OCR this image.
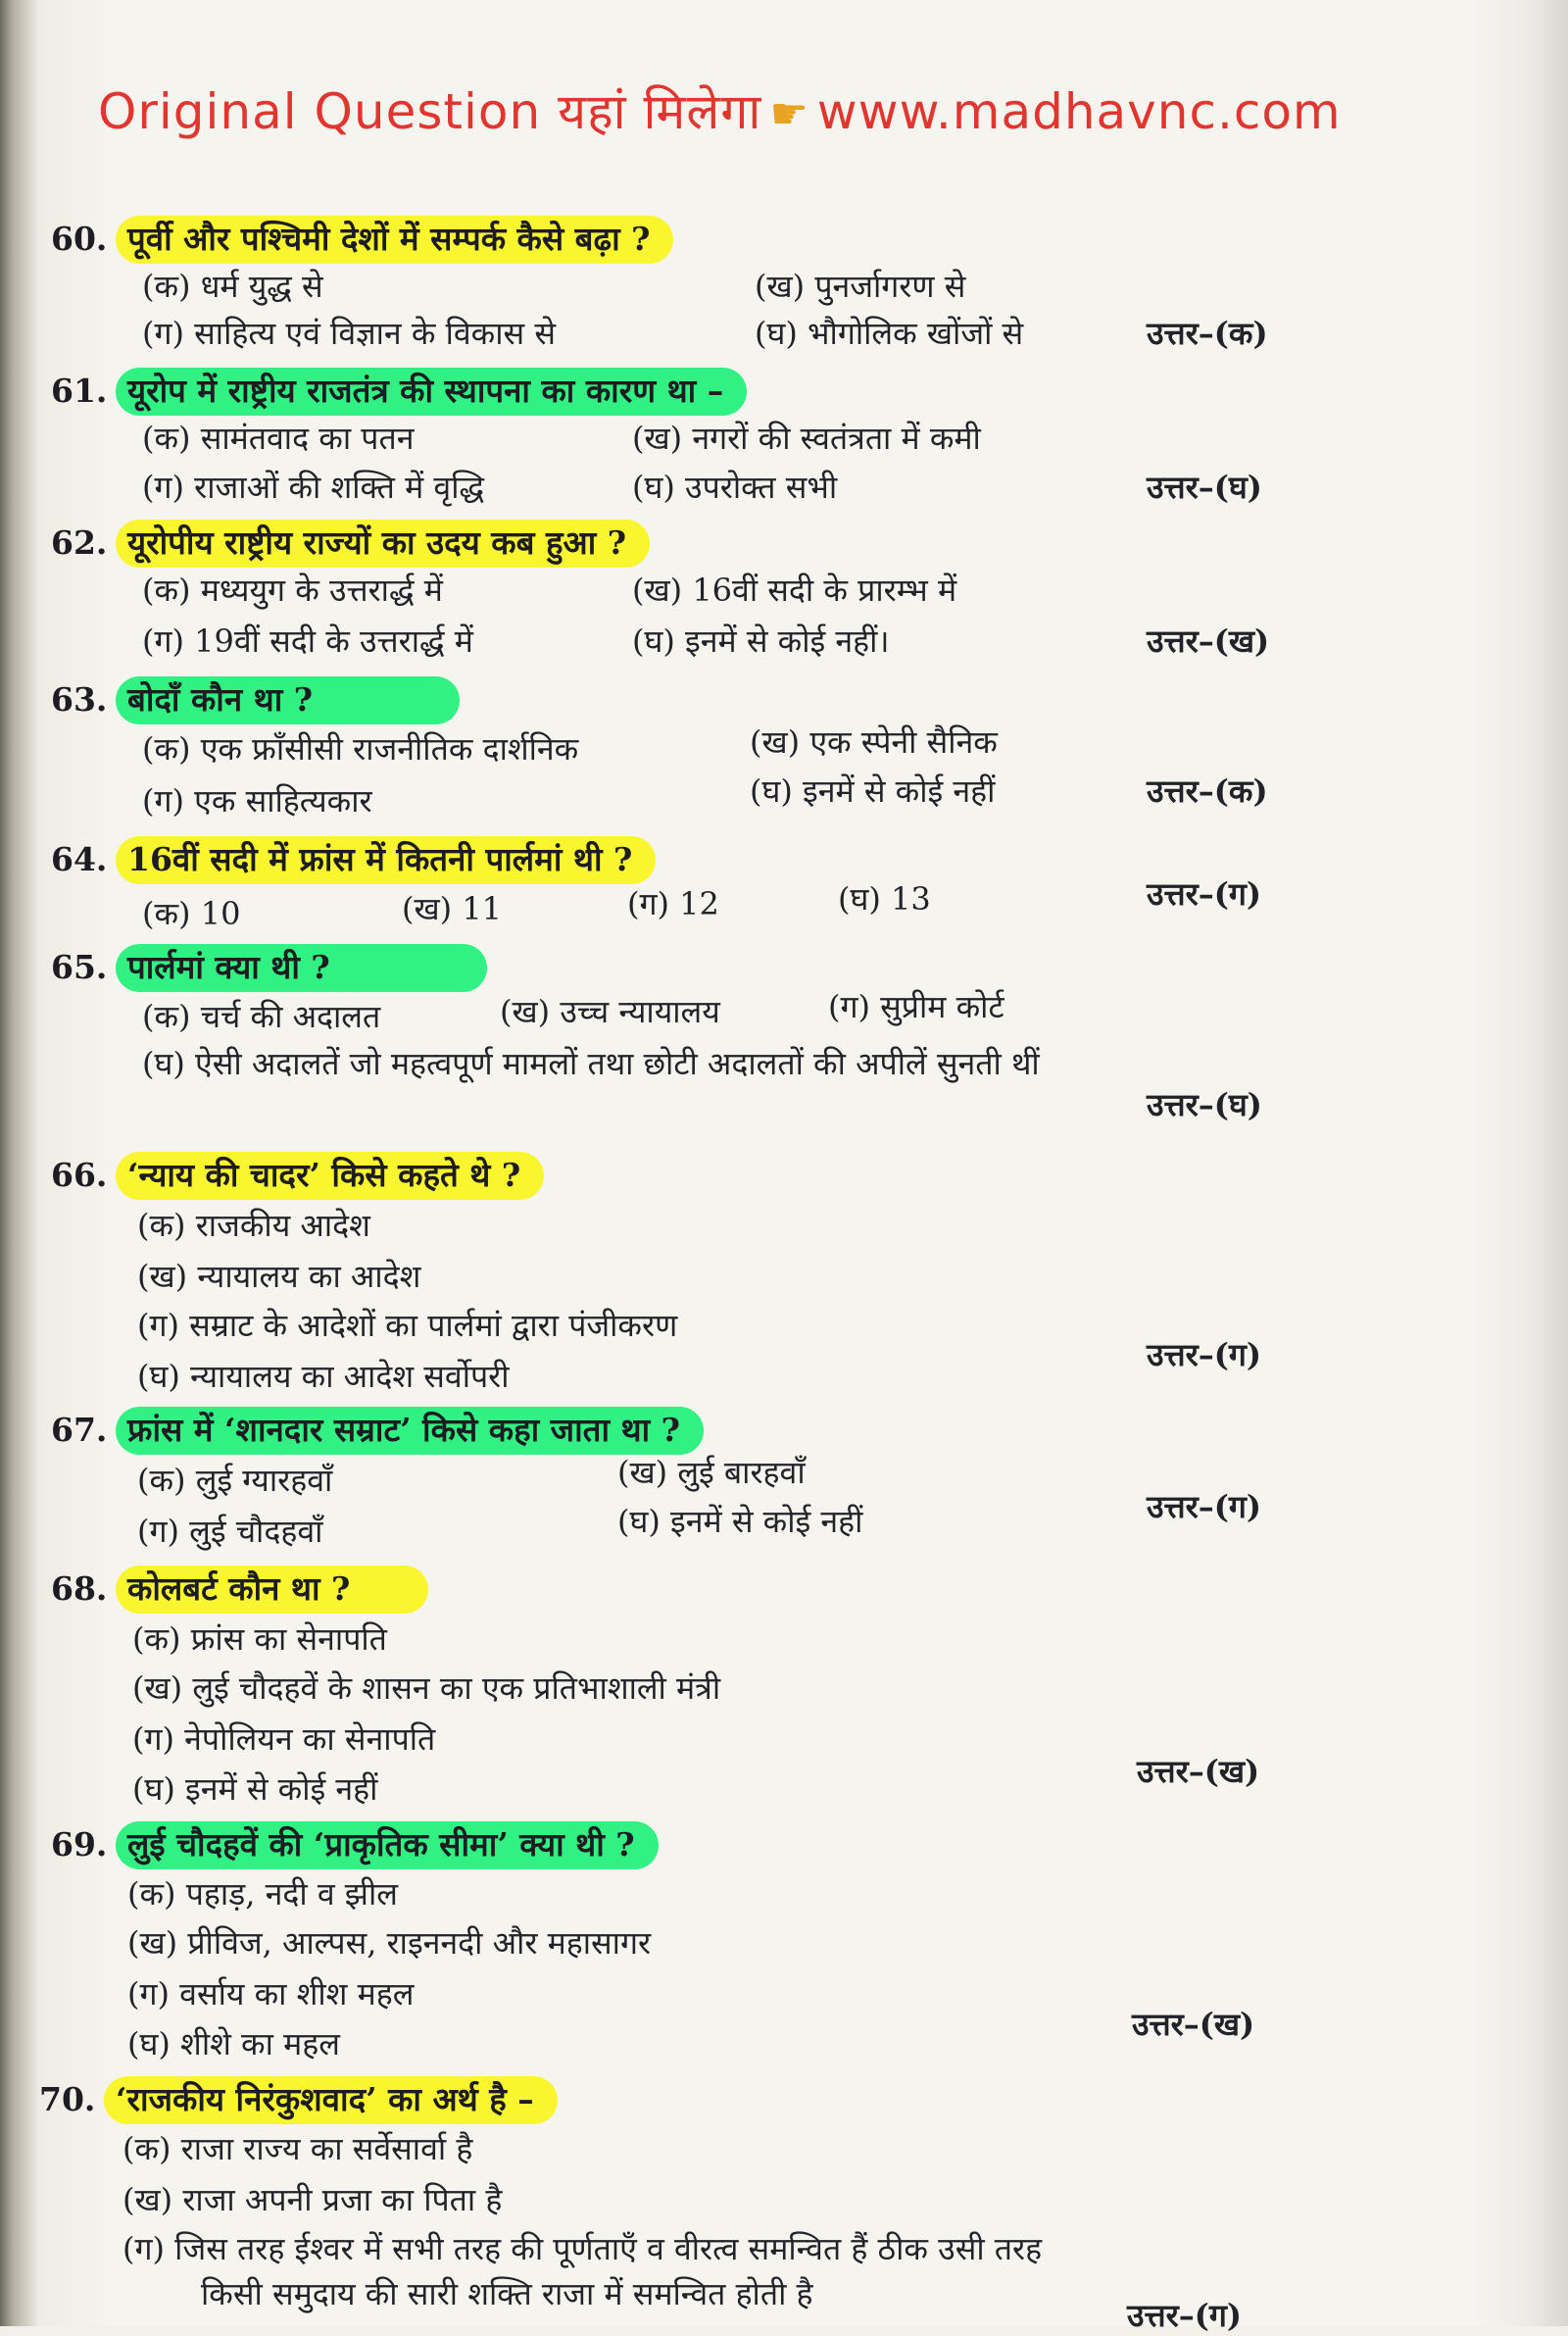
Original Question यहां मिलेगा ☛ www.madhavnc.com
60. पूर्वी और पश्चिमी देशों में सम्पर्क कैसे बढ़ा ?
(क) धर्म युद्ध से	(ख) पुनर्जागरण से
(ग) साहित्य एवं विज्ञान के विकास से	(घ) भौगोलिक खोंजों से	उत्तर–(क)
61. यूरोप में राष्ट्रीय राजतंत्र की स्थापना का कारण था –
(क) सामंतवाद का पतन	(ख) नगरों की स्वतंत्रता में कमी
(ग) राजाओं की शक्ति में वृद्धि	(घ) उपरोक्त सभी	उत्तर–(घ)
62. यूरोपीय राष्ट्रीय राज्यों का उदय कब हुआ ?
(क) मध्ययुग के उत्तरार्द्ध में	(ख) 16वीं सदी के प्रारम्भ में
(ग) 19वीं सदी के उत्तरार्द्ध में	(घ) इनमें से कोई नहीं।	उत्तर–(ख)
63. बोदाँ कौन था ?
(क) एक फ्राँसीसी राजनीतिक दार्शनिक	(ख) एक स्पेनी सैनिक
(ग) एक साहित्यकार	(घ) इनमें से कोई नहीं	उत्तर–(क)
64. 16वीं सदी में फ्रांस में कितनी पार्लमां थी ?
(क) 10	(ख) 11	(ग) 12	(घ) 13	उत्तर–(ग)
65. पार्लमां क्या थी ?
(क) चर्च की अदालत	(ख) उच्च न्यायालय	(ग) सुप्रीम कोर्ट
(घ) ऐसी अदालतें जो महत्वपूर्ण मामलों तथा छोटी अदालतों की अपीलें सुनती थीं
उत्तर–(घ)
66. ‘न्याय की चादर’ किसे कहते थे ?
(क) राजकीय आदेश
(ख) न्यायालय का आदेश
(ग) सम्राट के आदेशों का पार्लमां द्वारा पंजीकरण
(घ) न्यायालय का आदेश सर्वोपरी
उत्तर–(ग)
67. फ्रांस में ‘शानदार सम्राट’ किसे कहा जाता था ?
(क) लुई ग्यारहवाँ	(ख) लुई बारहवाँ
(ग) लुई चौदहवाँ	(घ) इनमें से कोई नहीं	उत्तर–(ग)
68. कोलबर्ट कौन था ?
(क) फ्रांस का सेनापति
(ख) लुई चौदहवें के शासन का एक प्रतिभाशाली मंत्री
(ग) नेपोलियन का सेनापति
(घ) इनमें से कोई नहीं	उत्तर–(ख)
69. लुई चौदहवें की ‘प्राकृतिक सीमा’ क्या थी ?
(क) पहाड़, नदी व झील
(ख) प्रीविज, आल्पस, राइननदी और महासागर
(ग) वर्साय का शीश महल
(घ) शीशे का महल
उत्तर–(ख)
70. ‘राजकीय निरंकुशवाद’ का अर्थ है –
(क) राजा राज्य का सर्वेसार्वा है
(ख) राजा अपनी प्रजा का पिता है
(ग) जिस तरह ईश्वर में सभी तरह की पूर्णताएँ व वीरत्व समन्वित हैं ठीक उसी तरह
किसी समुदाय की सारी शक्ति राजा में समन्वित होती है
उत्तर–(ग)
